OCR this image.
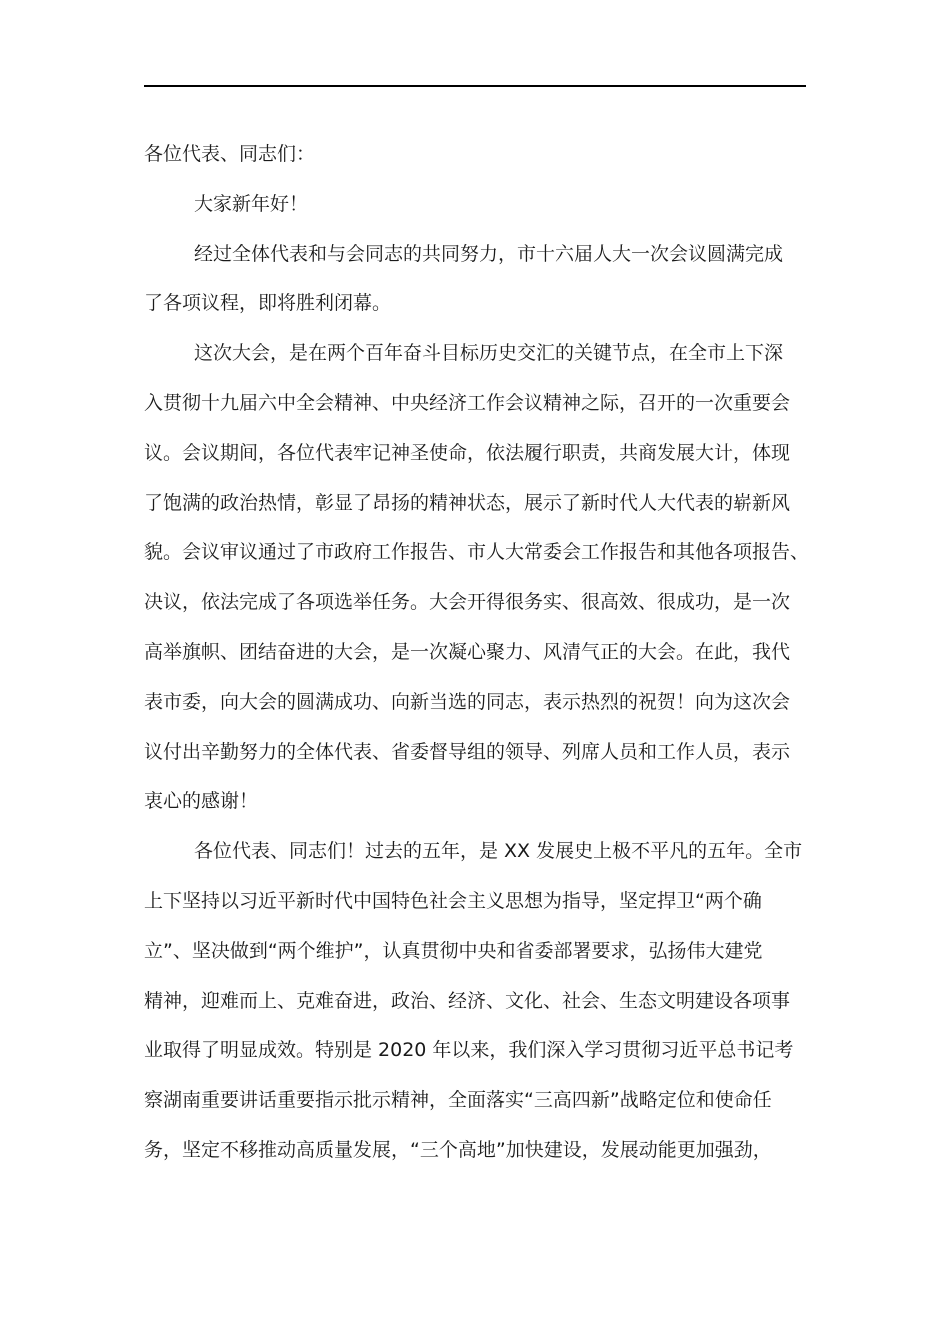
各位代表、同志们：
大家新年好！
经过全体代表和与会同志的共同努力，市十六届人大一次会议圆满完成
了各项议程，即将胜利闭幕。
这次大会，是在两个百年奋斗目标历史交汇的关键节点，在全市上下深
入贯彻十九届六中全会精神、中央经济工作会议精神之际，召开的一次重要会
议。会议期间，各位代表牢记神圣使命，依法履行职责，共商发展大计，体现
了饱满的政治热情，彰显了昂扬的精神状态，展示了新时代人大代表的崭新风
貌。会议审议通过了市政府工作报告、市人大常委会工作报告和其他各项报告、
决议，依法完成了各项选举任务。大会开得很务实、很高效、很成功，是一次
高举旗帜、团结奋进的大会，是一次凝心聚力、风清气正的大会。在此，我代
表市委，向大会的圆满成功、向新当选的同志，表示热烈的祝贺！向为这次会
议付出辛勤努力的全体代表、省委督导组的领导、列席人员和工作人员，表示
衷心的感谢！
各位代表、同志们！过去的五年，是 XX 发展史上极不平凡的五年。全市
上下坚持以习近平新时代中国特色社会主义思想为指导，坚定捍卫“两个确
立”、坚决做到“两个维护”，认真贯彻中央和省委部署要求，弘扬伟大建党
精神，迎难而上、克难奋进，政治、经济、文化、社会、生态文明建设各项事
业取得了明显成效。特别是 2020 年以来，我们深入学习贯彻习近平总书记考
察湖南重要讲话重要指示批示精神，全面落实“三高四新”战略定位和使命任
务，坚定不移推动高质量发展，“三个高地”加快建设，发展动能更加强劲，
